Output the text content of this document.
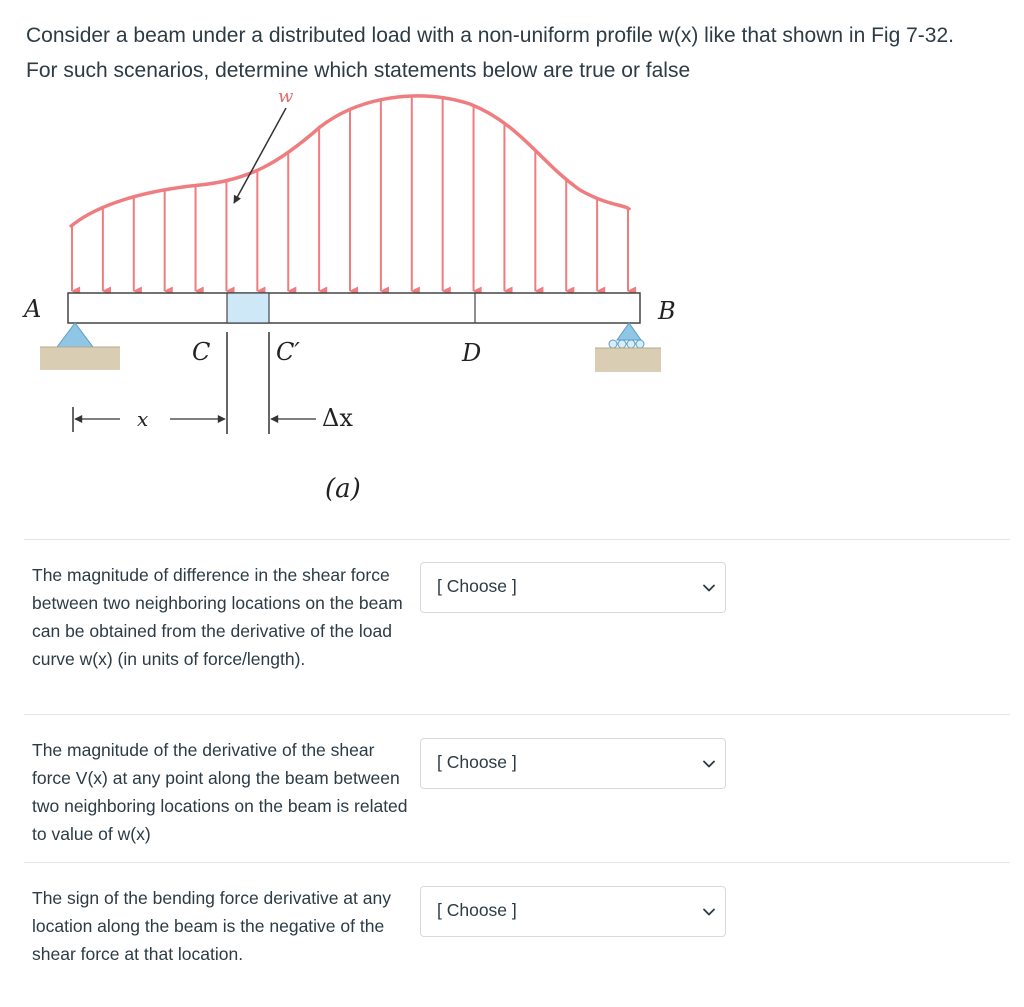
Consider a beam under a distributed load with a non-uniform profile w(x) like that shown in Fig 7-32.

For such scenarios, determine which statements below are true or false

w
A	B
C	C′	D
x	Δx
(a)
The magnitude of difference in the shear force between two neighboring locations on the beam can be obtained from the derivative of the load curve w(x) (in units of force/length).
[ Choose ]
The magnitude of the derivative of the shear force V(x) at any point along the beam between two neighboring locations on the beam is related to value of w(x)
[ Choose ]
The sign of the bending force derivative at any location along the beam is the negative of the shear force at that location.
[ Choose ]
